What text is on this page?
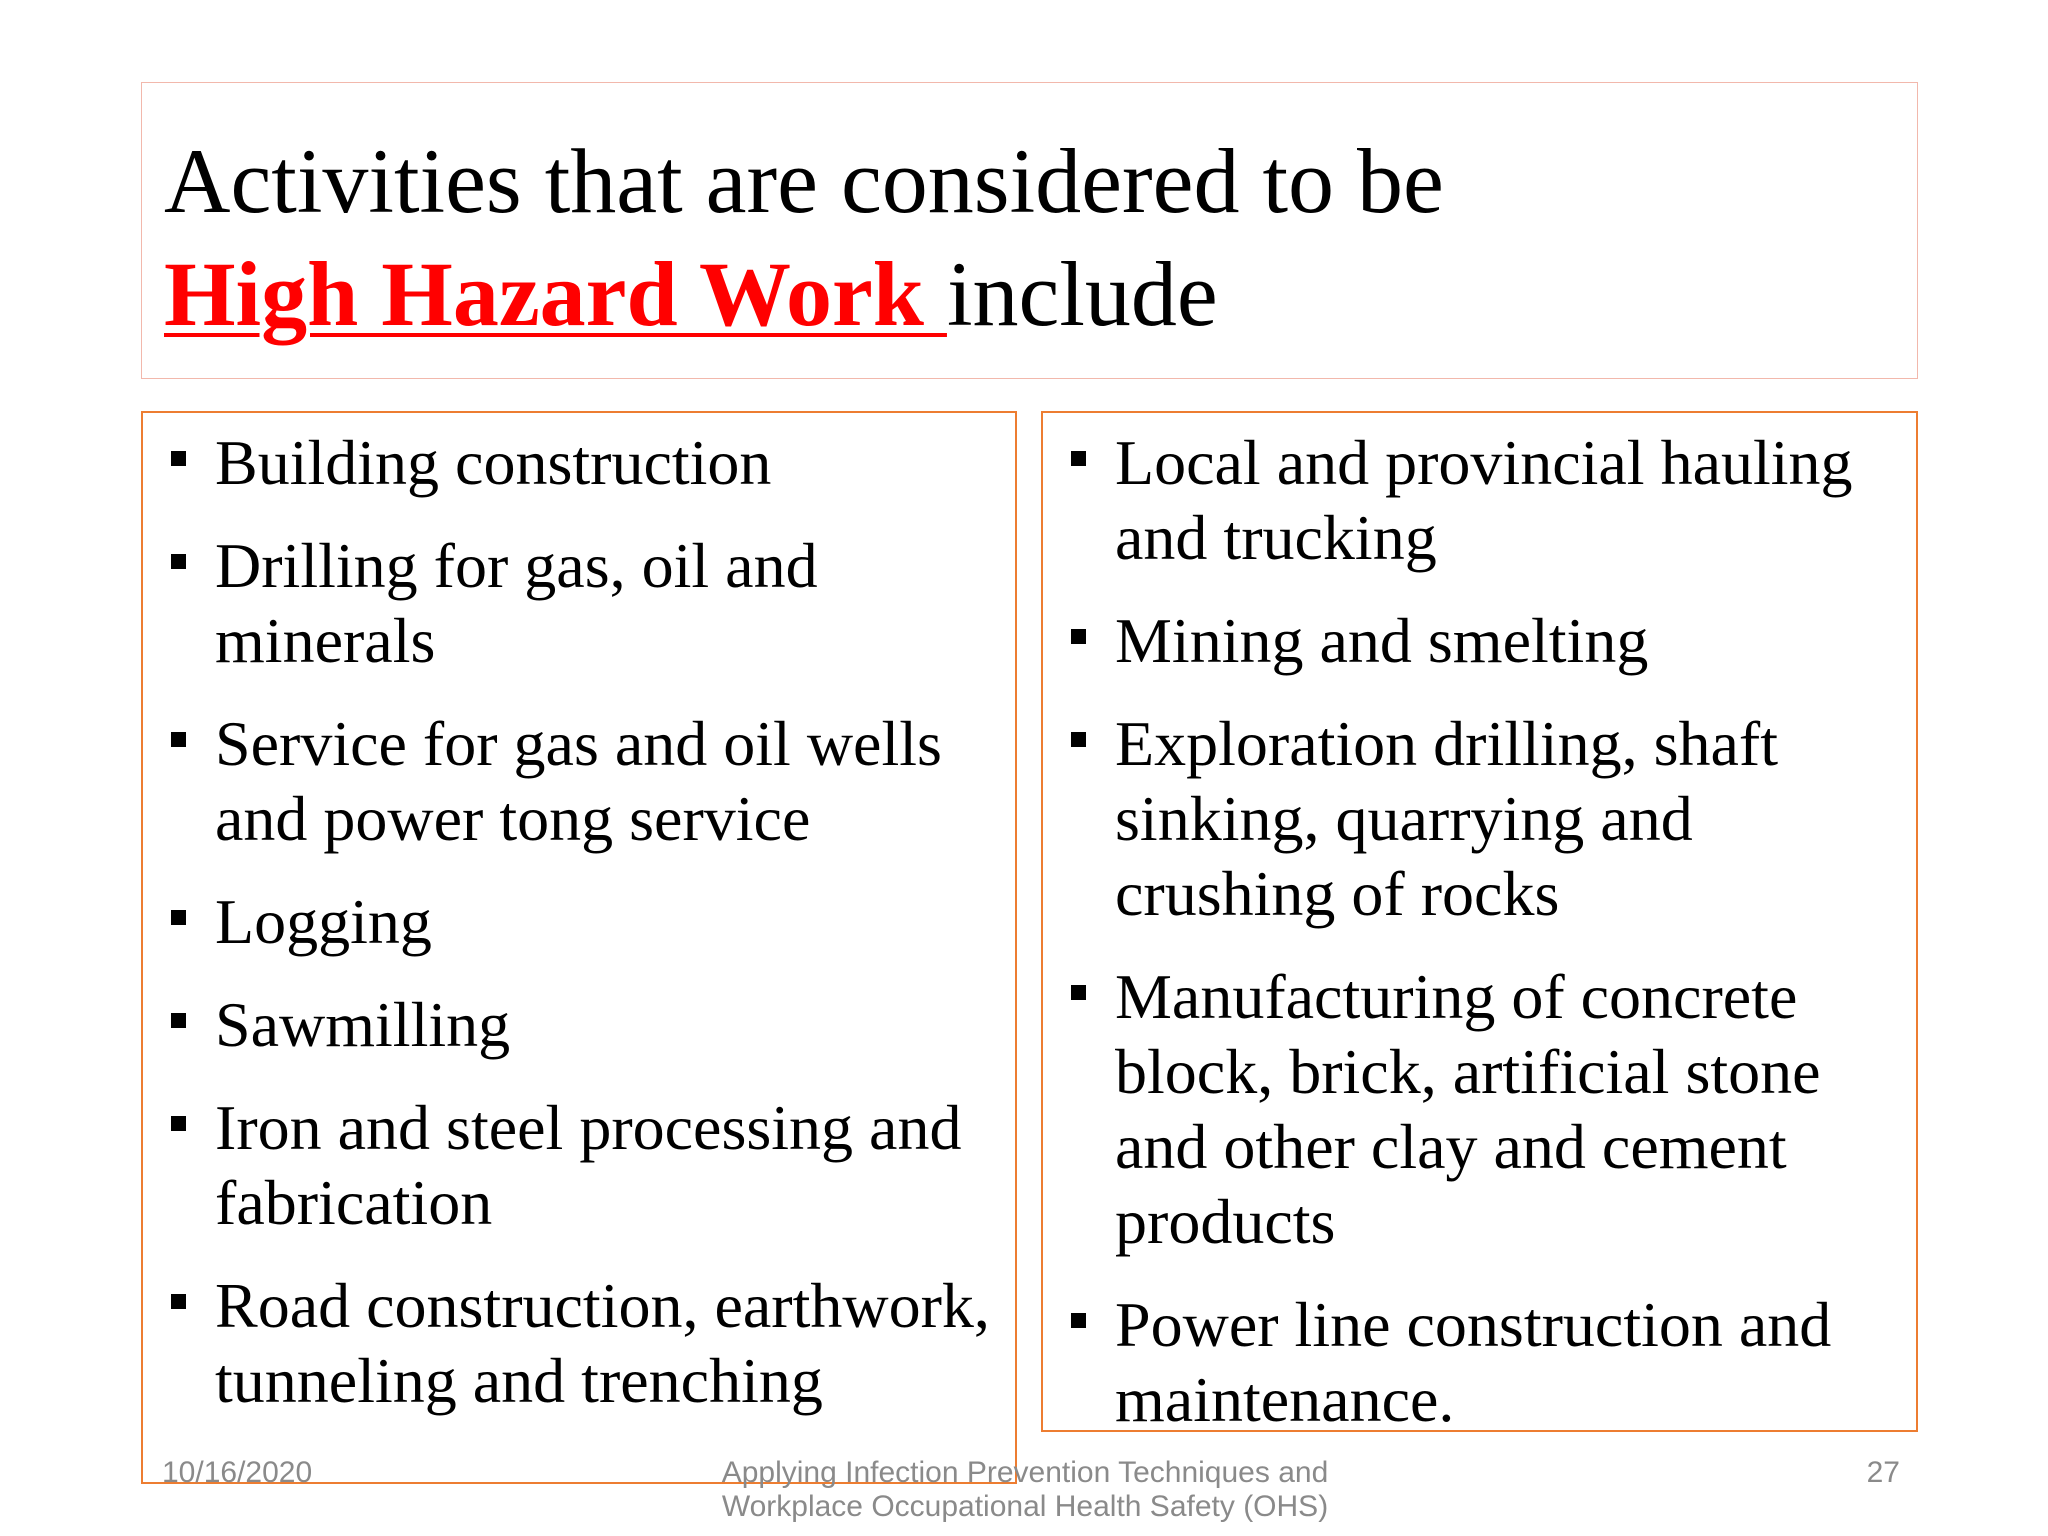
Activities that are considered to be
High Hazard Work include
Building construction
Drilling for gas, oil and minerals
Service for gas and oil wells and power tong service
Logging
Sawmilling
Iron and steel processing and fabrication
Road construction, earthwork, tunneling and trenching
Local and provincial hauling and trucking
Mining and smelting
Exploration drilling, shaft sinking, quarrying and crushing of rocks
Manufacturing of concrete block, brick, artificial stone and other clay and cement products
Power line construction and maintenance.
10/16/2020	Applying Infection Prevention Techniques and Workplace Occupational Health Safety (OHS)
27
